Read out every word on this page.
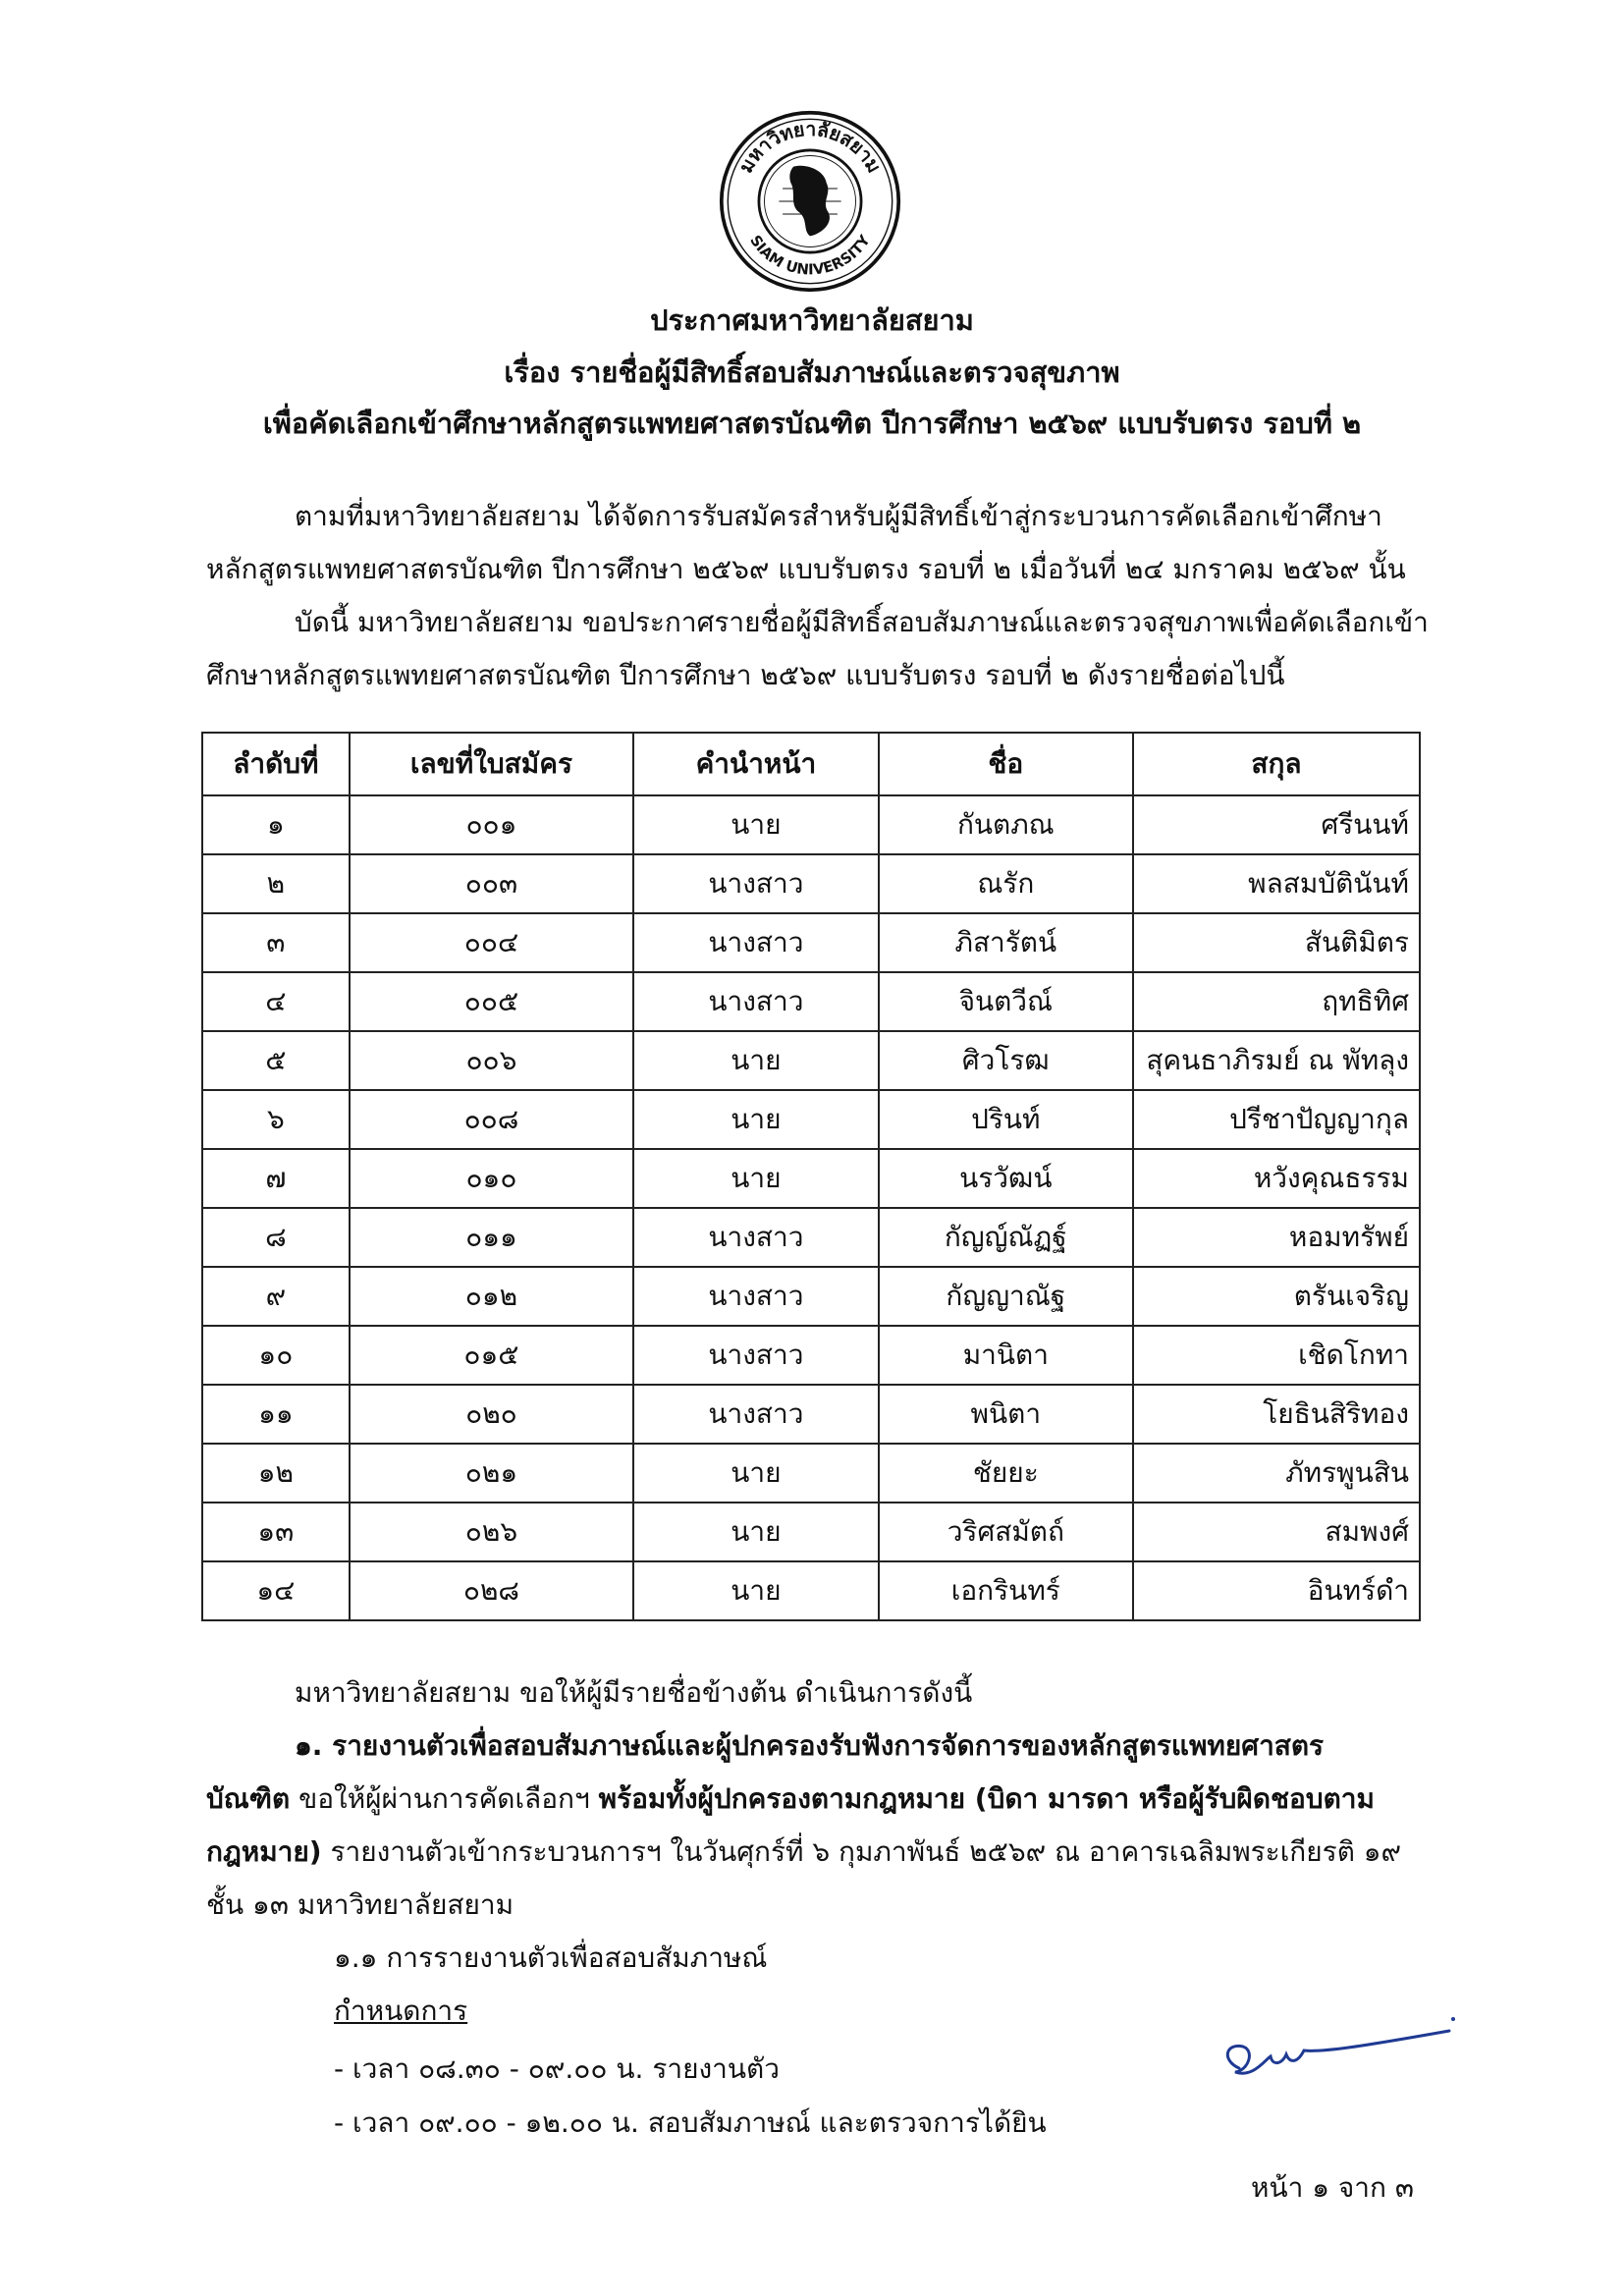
มหาวิทยาลัยสยาม
SIAM UNIVERSITY
ประกาศมหาวิทยาลัยสยาม
เรื่อง รายชื่อผู้มีสิทธิ์สอบสัมภาษณ์และตรวจสุขภาพ
เพื่อคัดเลือกเข้าศึกษาหลักสูตรแพทยศาสตรบัณฑิต ปีการศึกษา ๒๕๖๙ แบบรับตรง รอบที่ ๒
ตามที่มหาวิทยาลัยสยาม ได้จัดการรับสมัครสำหรับผู้มีสิทธิ์เข้าสู่กระบวนการคัดเลือกเข้าศึกษา
หลักสูตรแพทยศาสตรบัณฑิต ปีการศึกษา ๒๕๖๙ แบบรับตรง รอบที่ ๒ เมื่อวันที่ ๒๔ มกราคม ๒๕๖๙ นั้น
บัดนี้ มหาวิทยาลัยสยาม ขอประกาศรายชื่อผู้มีสิทธิ์สอบสัมภาษณ์และตรวจสุขภาพเพื่อคัดเลือกเข้า
ศึกษาหลักสูตรแพทยศาสตรบัณฑิต ปีการศึกษา ๒๕๖๙ แบบรับตรง รอบที่ ๒ ดังรายชื่อต่อไปนี้
ลำดับที่	เลขที่ใบสมัคร	คำนำหน้า	ชื่อ	สกุล
๑	๐๐๑	นาย	กันตภณ	ศรีนนท์
๒	๐๐๓	นางสาว	ณรัก	พลสมบัตินันท์
๓	๐๐๔	นางสาว	ภิสารัตน์	สันติมิตร
๔	๐๐๕	นางสาว	จินตวีณ์	ฤทธิทิศ
๕	๐๐๖	นาย	ศิวโรฒ	สุคนธาภิรมย์ ณ พัทลุง
๖	๐๐๘	นาย	ปรินท์	ปรีชาปัญญากุล
๗	๐๑๐	นาย	นรวัฒน์	หวังคุณธรรม
๘	๐๑๑	นางสาว	กัญญ์ณัฏฐ์	หอมทรัพย์
๙	๐๑๒	นางสาว	กัญญาณัฐ	ตรันเจริญ
๑๐	๐๑๕	นางสาว	มานิตา	เชิดโกทา
๑๑	๐๒๐	นางสาว	พนิตา	โยธินสิริทอง
๑๒	๐๒๑	นาย	ชัยยะ	ภัทรพูนสิน
๑๓	๐๒๖	นาย	วริศสมัตถ์	สมพงศ์
๑๔	๐๒๘	นาย	เอกรินทร์	อินทร์ดำ
มหาวิทยาลัยสยาม ขอให้ผู้มีรายชื่อข้างต้น ดำเนินการดังนี้
๑. รายงานตัวเพื่อสอบสัมภาษณ์และผู้ปกครองรับฟังการจัดการของหลักสูตรแพทยศาสตร
บัณฑิต ขอให้ผู้ผ่านการคัดเลือกฯ พร้อมทั้งผู้ปกครองตามกฎหมาย (บิดา มารดา หรือผู้รับผิดชอบตาม
กฎหมาย) รายงานตัวเข้ากระบวนการฯ ในวันศุกร์ที่ ๖ กุมภาพันธ์ ๒๕๖๙ ณ อาคารเฉลิมพระเกียรติ ๑๙
ชั้น ๑๓ มหาวิทยาลัยสยาม
๑.๑ การรายงานตัวเพื่อสอบสัมภาษณ์
กำหนดการ
- เวลา ๐๘.๓๐ - ๐๙.๐๐ น. รายงานตัว
- เวลา ๐๙.๐๐ - ๑๒.๐๐ น. สอบสัมภาษณ์ และตรวจการได้ยิน
หน้า ๑ จาก ๓
